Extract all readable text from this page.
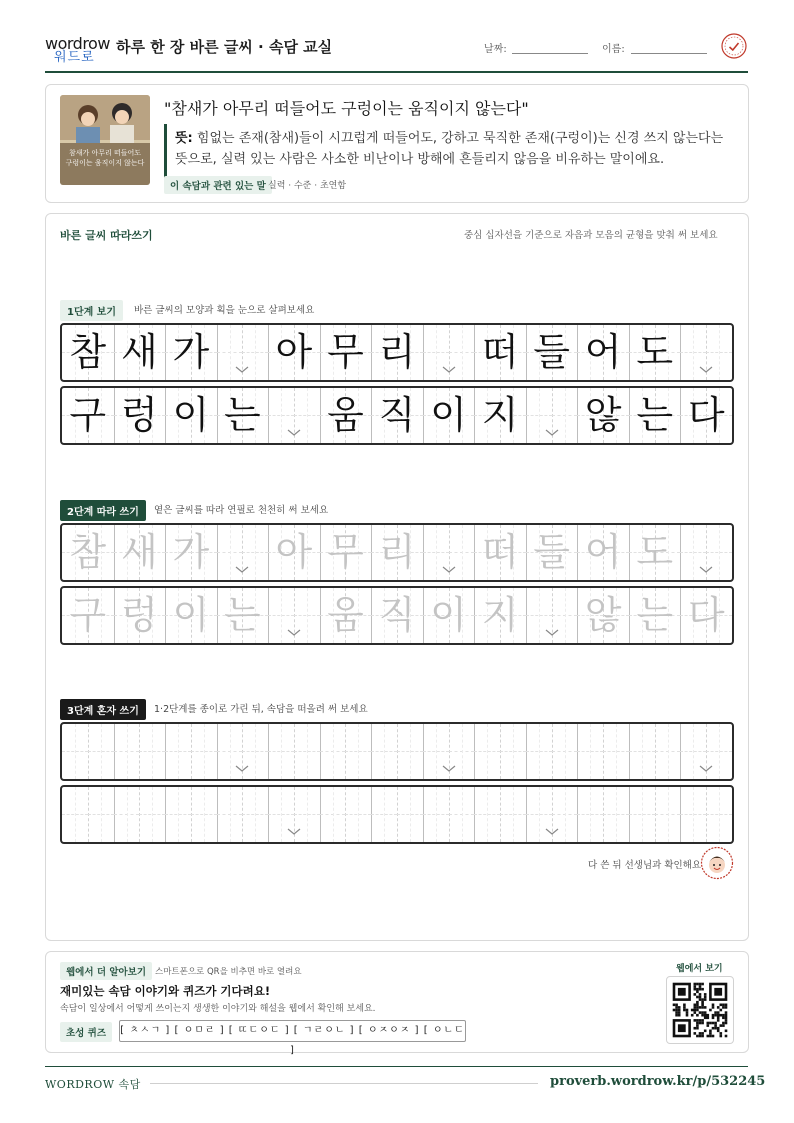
wordrow
워드로
하루 한 장 바른 글씨 · 속담 교실	날짜:	이름:
참새가 아무리 떠들어도
구렁이는 움직이지 않는다
"참새가 아무리 떠들어도 구렁이는 움직이지 않는다"
뜻: 힘없는 존재(참새)들이 시끄럽게 떠들어도, 강하고 묵직한 존재(구렁이)는 신경 쓰지 않는다는 뜻으로, 실력 있는 사람은 사소한 비난이나 방해에 흔들리지 않음을 비유하는 말이에요.
이 속담과 관련 있는 말 실력 · 수준 · 초연함
바른 글씨 따라쓰기	중심 십자선을 기준으로 자음과 모음의 균형을 맞춰 써 보세요
1단계 보기	바른 글씨의 모양과 획을 눈으로 살펴보세요
2단계 따라 쓰기	옅은 글씨를 따라 연필로 천천히 써 보세요
3단계 혼자 쓰기	1·2단계를 종이로 가린 뒤, 속담을 떠올려 써 보세요
참 새 가 아 무 리 떠 들 어 도
구 렁 이 는 움 직 이 지 않 는 다
참 새 가 아 무 리 떠 들 어 도
구 렁 이 는 움 직 이 지 않 는 다
다 쓴 뒤 선생님과 확인해요
웹에서 더 알아보기	스마트폰으로 QR을 비추면 바로 열려요
재미있는 속담 이야기와 퀴즈가 기다려요!
속담이 일상에서 어떻게 쓰이는지 생생한 이야기와 해설을 웹에서 확인해 보세요.
초성 퀴즈	[ ㅊㅅㄱ ] [ ㅇㅁㄹ ] [ ㄸㄷㅇㄷ ] [ ㄱㄹㅇㄴ ] [ ㅇㅈㅇㅈ ] [ ㅇㄴㄷ ]
웹에서 보기
WORDROW 속담	proverb.wordrow.kr/p/532245
